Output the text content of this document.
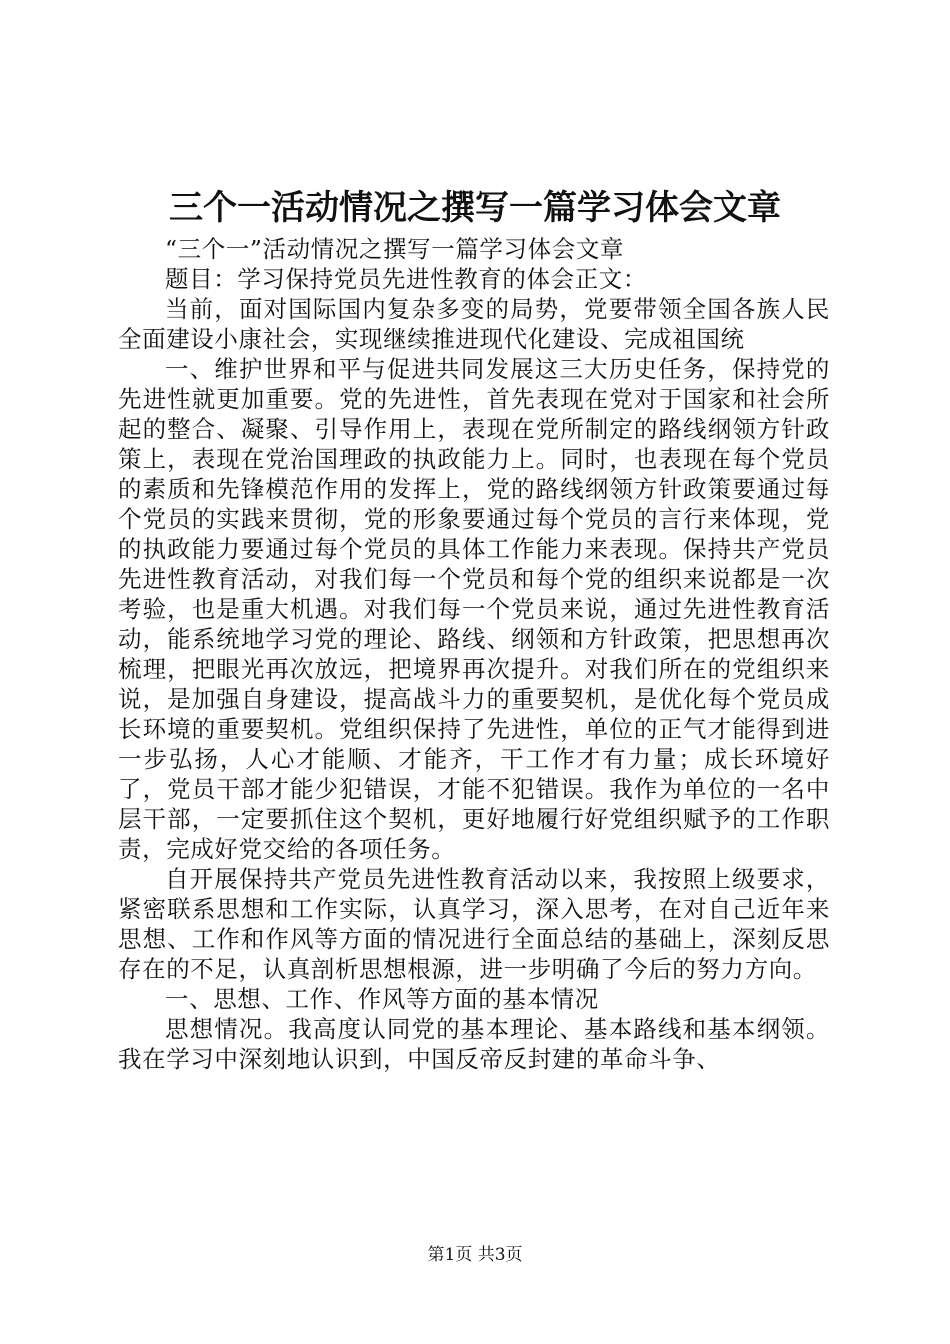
三个一活动情况之撰写一篇学习体会文章

“三个一”活动情况之撰写一篇学习体会文章

题目：学习保持党员先进性教育的体会正文：

当前，面对国际国内复杂多变的局势，党要带领全国各族人民全面建设小康社会，实现继续推进现代化建设、完成祖国统

一、维护世界和平与促进共同发展这三大历史任务，保持党的先进性就更加重要。党的先进性，首先表现在党对于国家和社会所起的整合、凝聚、引导作用上，表现在党所制定的路线纲领方针政策上，表现在党治国理政的执政能力上。同时，也表现在每个党员的素质和先锋模范作用的发挥上，党的路线纲领方针政策要通过每个党员的实践来贯彻，党的形象要通过每个党员的言行来体现，党的执政能力要通过每个党员的具体工作能力来表现。保持共产党员先进性教育活动，对我们每一个党员和每个党的组织来说都是一次考验，也是重大机遇。对我们每一个党员来说，通过先进性教育活动，能系统地学习党的理论、路线、纲领和方针政策，把思想再次梳理，把眼光再次放远，把境界再次提升。对我们所在的党组织来说，是加强自身建设，提高战斗力的重要契机，是优化每个党员成长环境的重要契机。党组织保持了先进性，单位的正气才能得到进一步弘扬，人心才能顺、才能齐，干工作才有力量；成长环境好了，党员干部才能少犯错误，才能不犯错误。我作为单位的一名中层干部，一定要抓住这个契机，更好地履行好党组织赋予的工作职责，完成好党交给的各项任务。

自开展保持共产党员先进性教育活动以来，我按照上级要求，紧密联系思想和工作实际，认真学习，深入思考，在对自己近年来思想、工作和作风等方面的情况进行全面总结的基础上，深刻反思存在的不足，认真剖析思想根源，进一步明确了今后的努力方向。

一、思想、工作、作风等方面的基本情况

思想情况。我高度认同党的基本理论、基本路线和基本纲领。我在学习中深刻地认识到，中国反帝反封建的革命斗争、

第1页 共3页
